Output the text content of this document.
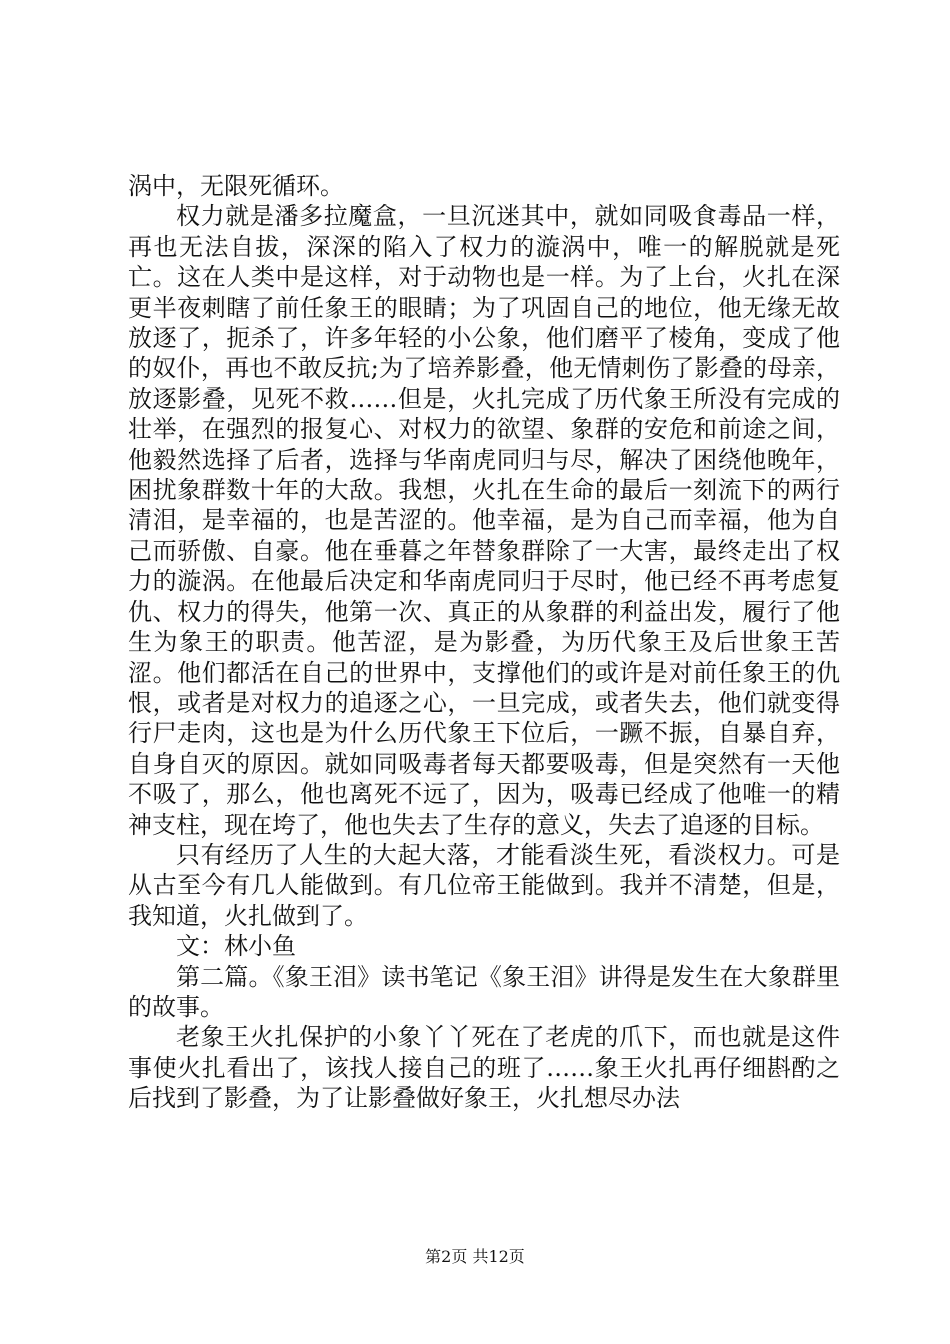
涡中，无限死循环。

权力就是潘多拉魔盒，一旦沉迷其中，就如同吸食毒品一样，再也无法自拔，深深的陷入了权力的漩涡中，唯一的解脱就是死亡。这在人类中是这样，对于动物也是一样。为了上台，火扎在深更半夜刺瞎了前任象王的眼睛；为了巩固自己的地位，他无缘无故放逐了，扼杀了，许多年轻的小公象，他们磨平了棱角，变成了他的奴仆，再也不敢反抗;为了培养影叠，他无情刺伤了影叠的母亲，放逐影叠，见死不救……但是，火扎完成了历代象王所没有完成的壮举，在强烈的报复心、对权力的欲望、象群的安危和前途之间，他毅然选择了后者，选择与华南虎同归与尽，解决了困绕他晚年，困扰象群数十年的大敌。我想，火扎在生命的最后一刻流下的两行清泪，是幸福的，也是苦涩的。他幸福，是为自己而幸福，他为自己而骄傲、自豪。他在垂暮之年替象群除了一大害，最终走出了权力的漩涡。在他最后决定和华南虎同归于尽时，他已经不再考虑复仇、权力的得失，他第一次、真正的从象群的利益出发，履行了他生为象王的职责。他苦涩，是为影叠，为历代象王及后世象王苦涩。他们都活在自己的世界中，支撑他们的或许是对前任象王的仇恨，或者是对权力的追逐之心，一旦完成，或者失去，他们就变得行尸走肉，这也是为什么历代象王下位后，一蹶不振，自暴自弃，自身自灭的原因。就如同吸毒者每天都要吸毒，但是突然有一天他不吸了，那么，他也离死不远了，因为，吸毒已经成了他唯一的精神支柱，现在垮了，他也失去了生存的意义，失去了追逐的目标。

只有经历了人生的大起大落，才能看淡生死，看淡权力。可是从古至今有几人能做到。有几位帝王能做到。我并不清楚，但是，我知道，火扎做到了。

文：林小鱼

第二篇。《象王泪》读书笔记《象王泪》讲得是发生在大象群里的故事。

老象王火扎保护的小象丫丫死在了老虎的爪下，而也就是这件事使火扎看出了，该找人接自己的班了……象王火扎再仔细斟酌之后找到了影叠，为了让影叠做好象王，火扎想尽办法

第2页 共12页
